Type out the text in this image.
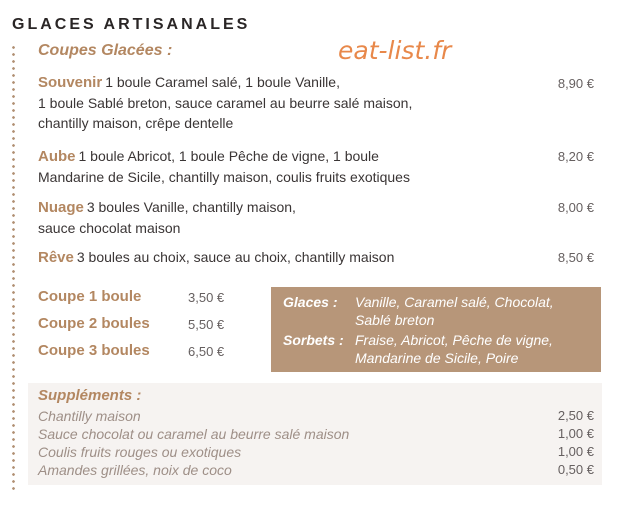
GLACES ARTISANALES
Coupes Glacées :	eat-list.fr
Souvenir 1 boule Caramel salé, 1 boule Vanille,
1 boule Sablé breton, sauce caramel au beurre salé maison,
chantilly maison, crêpe dentelle
8,90 €
Aube 1 boule Abricot, 1 boule Pêche de vigne, 1 boule
Mandarine de Sicile, chantilly maison, coulis fruits exotiques
8,20 €
Nuage 3 boules Vanille, chantilly maison,
sauce chocolat maison
8,00 €
Rêve 3 boules au choix, sauce au choix, chantilly maison	8,50 €
Coupe 1 boule	3,50 €
Coupe 2 boules	5,50 €
Coupe 3 boules	6,50 €
Glaces :	Vanille, Caramel salé, Chocolat,
Sablé breton
Sorbets : Fraise, Abricot, Pêche de vigne,
Mandarine de Sicile, Poire
Suppléments :
Chantilly maison	2,50 €
Sauce chocolat ou caramel au beurre salé maison	1,00 €
Coulis fruits rouges ou exotiques	1,00 €
Amandes grillées, noix de coco	0,50 €
